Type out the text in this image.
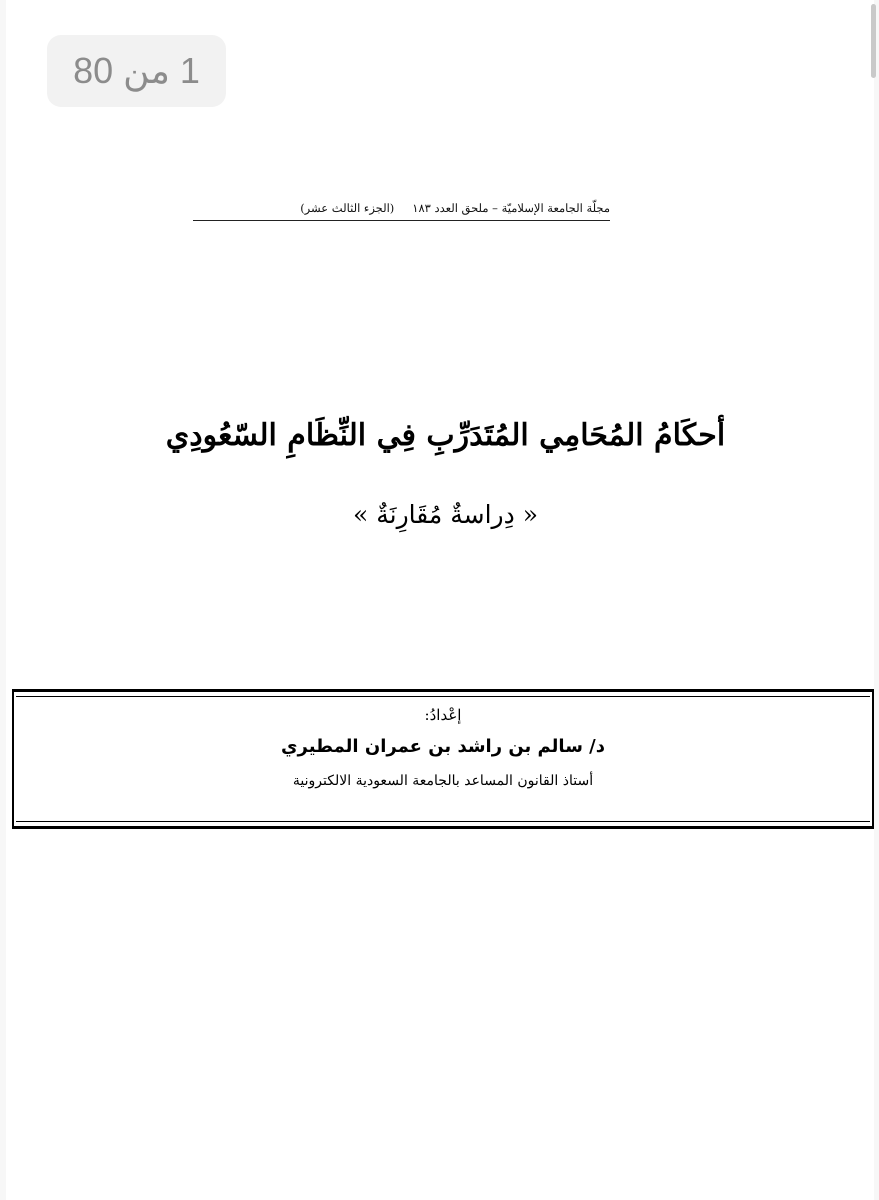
مجلّة الجامعة الإسلاميّة – ملحق العدد ١٨٣
(الجزء الثالث عشر)
أحكَامُ المُحَامِي المُتَدَرِّبِ فِي النِّظَامِ السّعُودِي
« دِراسةٌ مُقَارِنَةٌ »
إعْدادُ:
د/ سالم بن راشد بن عمران المطيري
أستاذ القانون المساعد بالجامعة السعودية الالكترونية
1 من 80
